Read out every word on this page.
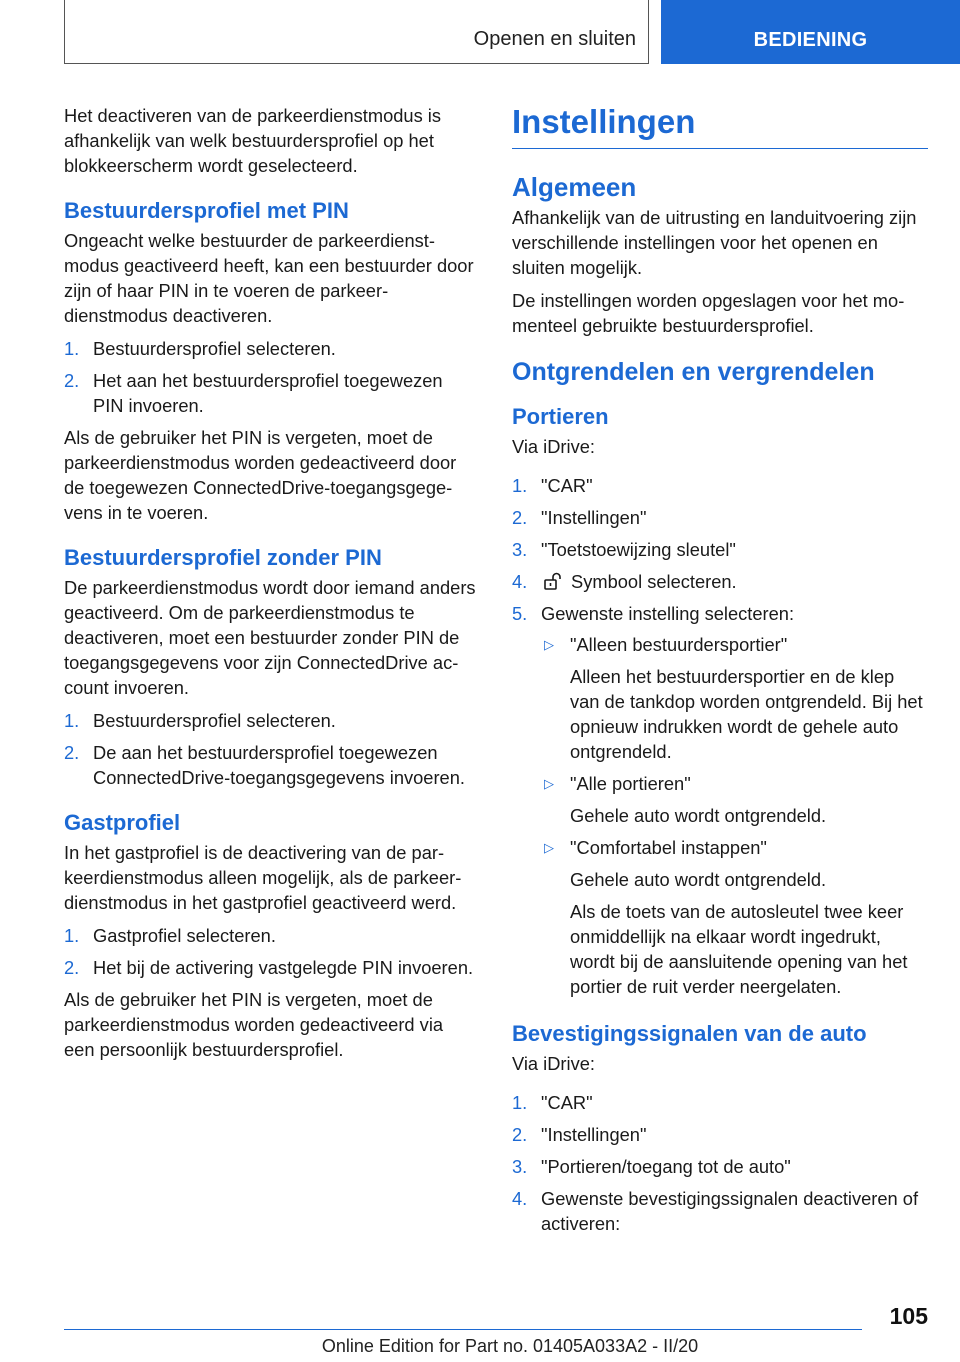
Openen en sluiten	BEDIENING

Het deactiveren van de parkeerdienstmodus is afhankelijk van welk bestuurdersprofiel op het blokkeerscherm wordt geselecteerd.

Bestuurdersprofiel met PIN

Ongeacht welke bestuurder de parkeerdienstmodus geactiveerd heeft, kan een bestuurder door zijn of haar PIN in te voeren de parkeerdienstmodus deactiveren.

1. Bestuurdersprofiel selecteren.
2. Het aan het bestuurdersprofiel toegewezen PIN invoeren.

Als de gebruiker het PIN is vergeten, moet de parkeerdienstmodus worden gedeactiveerd door de toegewezen ConnectedDrive-toegangsgegevens in te voeren.

Bestuurdersprofiel zonder PIN

De parkeerdienstmodus wordt door iemand anders geactiveerd. Om de parkeerdienstmodus te deactiveren, moet een bestuurder zonder PIN de toegangsgegevens voor zijn ConnectedDrive account invoeren.

1. Bestuurdersprofiel selecteren.
2. De aan het bestuurdersprofiel toegewezen ConnectedDrive-toegangsgegevens invoeren.
Gastprofiel

In het gastprofiel is de deactivering van de parkeerdienstmodus alleen mogelijk, als de parkeerdienstmodus in het gastprofiel geactiveerd werd.

1. Gastprofiel selecteren.
2. Het bij de activering vastgelegde PIN invoeren.

Als de gebruiker het PIN is vergeten, moet de parkeerdienstmodus worden gedeactiveerd via een persoonlijk bestuurdersprofiel.

Instellingen
Algemeen

Afhankelijk van de uitrusting en landuitvoering zijn verschillende instellingen voor het openen en sluiten mogelijk.

De instellingen worden opgeslagen voor het momenteel gebruikte bestuurdersprofiel.

Ontgrendelen en vergrendelen
Portieren

Via iDrive:

1. "CAR"
2. "Instellingen"
3. "Toetstoewijzing sleutel"
4. Symbool selecteren.
5. Gewenste instelling selecteren:
▷ "Alleen bestuurdersportier"
Alleen het bestuurdersportier en de klep van de tankdop worden ontgrendeld. Bij het opnieuw indrukken wordt de gehele auto ontgrendeld.
▷ "Alle portieren"
Gehele auto wordt ontgrendeld.
▷ "Comfortabel instappen"
Gehele auto wordt ontgrendeld.
Als de toets van de autosleutel twee keer onmiddellijk na elkaar wordt ingedrukt, wordt bij de aansluitende opening van het portier de ruit verder neergelaten.
Bevestigingssignalen van de auto

Via iDrive:

1. "CAR"
2. "Instellingen"
3. "Portieren/toegang tot de auto"
4. Gewenste bevestigingssignalen deactiveren of activeren:
105
Online Edition for Part no. 01405A033A2 - II/20
